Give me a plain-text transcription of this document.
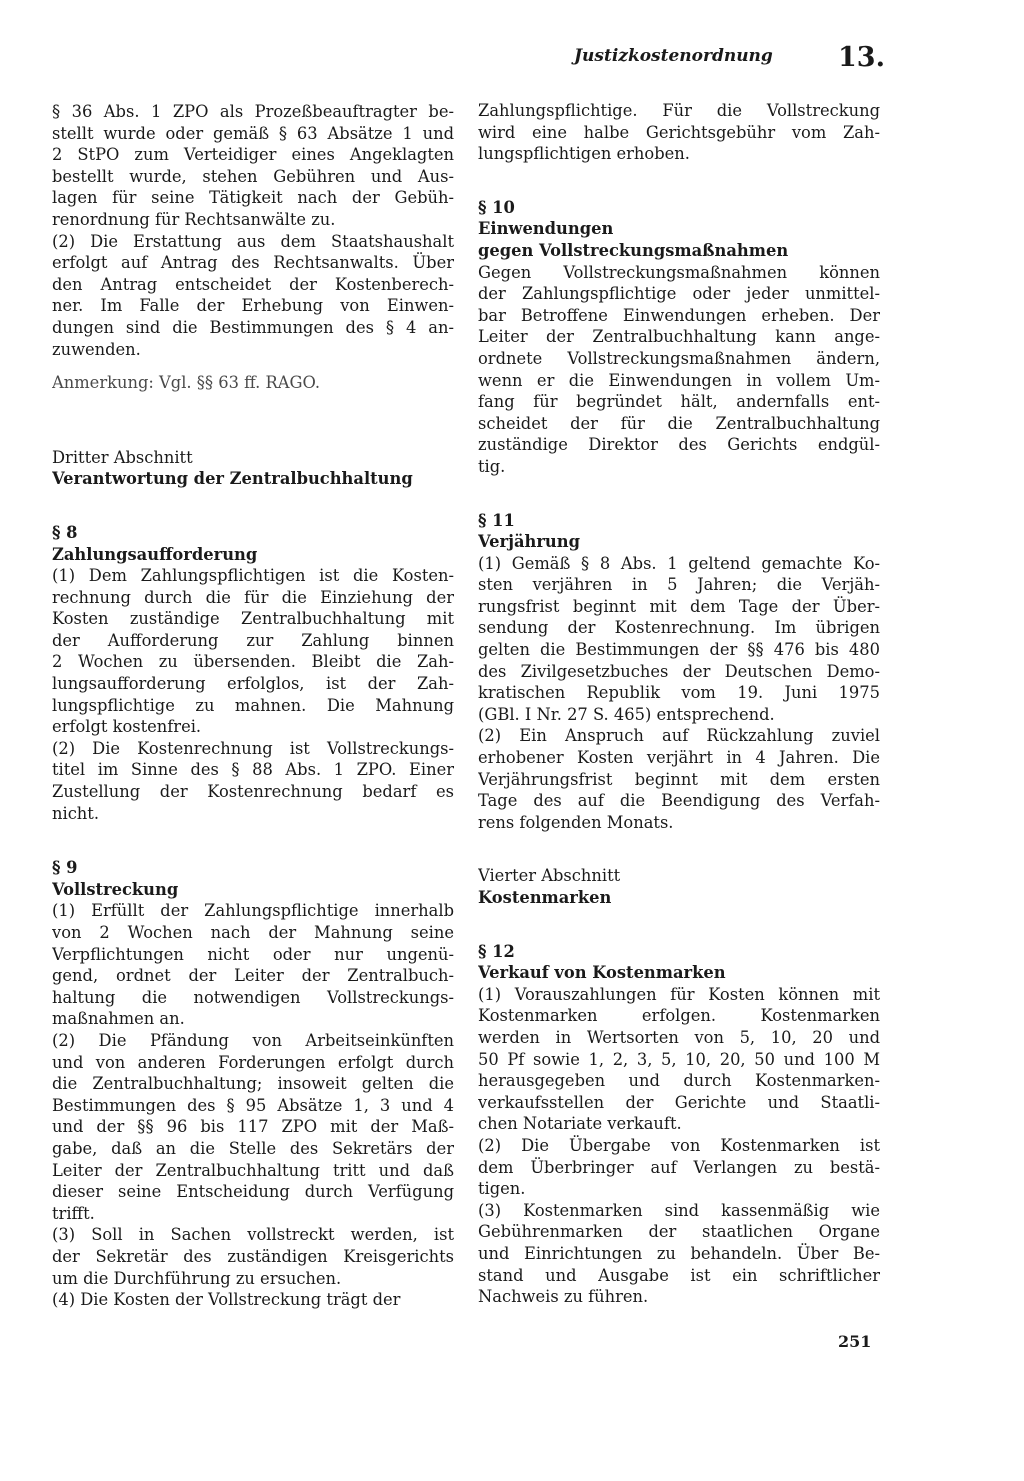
Justizkostenordnung 13.
§ 36 Abs. 1 ZPO als Prozeßbeauftragter be-
stellt wurde oder gemäß § 63 Absätze 1 und
2 StPO zum Verteidiger eines Angeklagten
bestellt wurde, stehen Gebühren und Aus-
lagen für seine Tätigkeit nach der Gebüh-
renordnung für Rechtsanwälte zu.
(2) Die Erstattung aus dem Staatshaushalt
erfolgt auf Antrag des Rechtsanwalts. Über
den Antrag entscheidet der Kostenberech-
ner. Im Falle der Erhebung von Einwen-
dungen sind die Bestimmungen des § 4 an-
zuwenden.
Anmerkung: Vgl. §§ 63 ff. RAGO.
Dritter Abschnitt
Verantwortung der Zentralbuchhaltung
§ 8
Zahlungsaufforderung
(1) Dem Zahlungspflichtigen ist die Kosten-
rechnung durch die für die Einziehung der
Kosten zuständige Zentralbuchhaltung mit
der Aufforderung zur Zahlung binnen
2 Wochen zu übersenden. Bleibt die Zah-
lungsaufforderung erfolglos, ist der Zah-
lungspflichtige zu mahnen. Die Mahnung
erfolgt kostenfrei.
(2) Die Kostenrechnung ist Vollstreckungs-
titel im Sinne des § 88 Abs. 1 ZPO. Einer
Zustellung der Kostenrechnung bedarf es
nicht.
§ 9
Vollstreckung
(1) Erfüllt der Zahlungspflichtige innerhalb
von 2 Wochen nach der Mahnung seine
Verpflichtungen nicht oder nur ungenü-
gend, ordnet der Leiter der Zentralbuch-
haltung die notwendigen Vollstreckungs-
maßnahmen an.
(2) Die Pfändung von Arbeitseinkünften
und von anderen Forderungen erfolgt durch
die Zentralbuchhaltung; insoweit gelten die
Bestimmungen des § 95 Absätze 1, 3 und 4
und der §§ 96 bis 117 ZPO mit der Maß-
gabe, daß an die Stelle des Sekretärs der
Leiter der Zentralbuchhaltung tritt und daß
dieser seine Entscheidung durch Verfügung
trifft.
(3) Soll in Sachen vollstreckt werden, ist
der Sekretär des zuständigen Kreisgerichts
um die Durchführung zu ersuchen.
(4) Die Kosten der Vollstreckung trägt der
Zahlungspflichtige. Für die Vollstreckung
wird eine halbe Gerichtsgebühr vom Zah-
lungspflichtigen erhoben.
§ 10
Einwendungen
gegen Vollstreckungsmaßnahmen
Gegen Vollstreckungsmaßnahmen können
der Zahlungspflichtige oder jeder unmittel-
bar Betroffene Einwendungen erheben. Der
Leiter der Zentralbuchhaltung kann ange-
ordnete Vollstreckungsmaßnahmen ändern,
wenn er die Einwendungen in vollem Um-
fang für begründet hält, andernfalls ent-
scheidet der für die Zentralbuchhaltung
zuständige Direktor des Gerichts endgül-
tig.
§ 11
Verjährung
(1) Gemäß § 8 Abs. 1 geltend gemachte Ko-
sten verjähren in 5 Jahren; die Verjäh-
rungsfrist beginnt mit dem Tage der Über-
sendung der Kostenrechnung. Im übrigen
gelten die Bestimmungen der §§ 476 bis 480
des Zivilgesetzbuches der Deutschen Demo-
kratischen Republik vom 19. Juni 1975
(GBl. I Nr. 27 S. 465) entsprechend.
(2) Ein Anspruch auf Rückzahlung zuviel
erhobener Kosten verjährt in 4 Jahren. Die
Verjährungsfrist beginnt mit dem ersten
Tage des auf die Beendigung des Verfah-
rens folgenden Monats.
Vierter Abschnitt
Kostenmarken
§ 12
Verkauf von Kostenmarken
(1) Vorauszahlungen für Kosten können mit
Kostenmarken erfolgen. Kostenmarken
werden in Wertsorten von 5, 10, 20 und
50 Pf sowie 1, 2, 3, 5, 10, 20, 50 und 100 M
herausgegeben und durch Kostenmarken-
verkaufsstellen der Gerichte und Staatli-
chen Notariate verkauft.
(2) Die Übergabe von Kostenmarken ist
dem Überbringer auf Verlangen zu bestä-
tigen.
(3) Kostenmarken sind kassenmäßig wie
Gebührenmarken der staatlichen Organe
und Einrichtungen zu behandeln. Über Be-
stand und Ausgabe ist ein schriftlicher
Nachweis zu führen.
251
